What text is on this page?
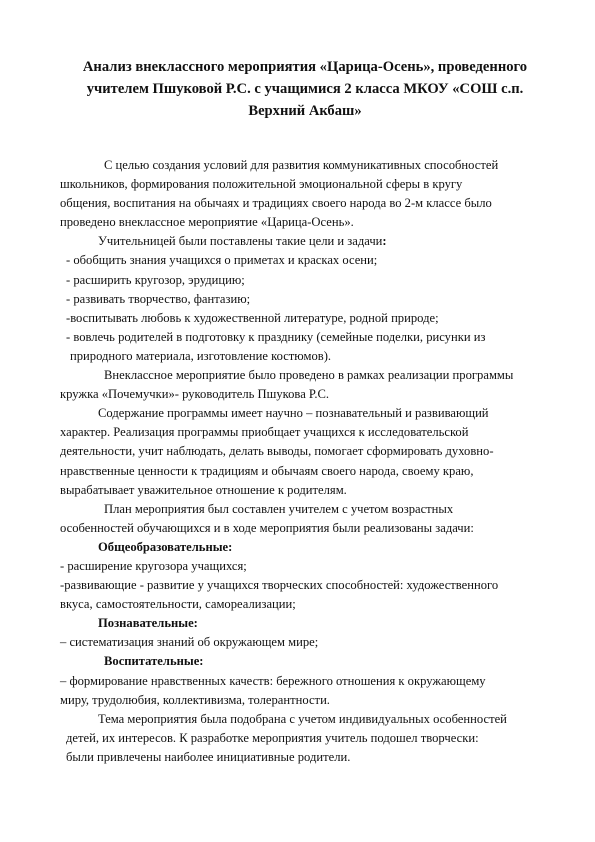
Анализ внеклассного мероприятия «Царица-Осень», проведенного
учителем Пшуковой Р.С. с учащимися 2 класса МКОУ «СОШ с.п.
Верхний Акбаш»

С целью создания условий для развития коммуникативных способностей

школьников, формирования положительной эмоциональной сферы в кругу

общения, воспитания на обычаях и традициях своего народа во 2-м классе было

проведено внеклассное мероприятие «Царица-Осень».

Учительницей были поставлены такие цели и задачи:

- обобщить знания учащихся о приметах и красках осени;

- расширить кругозор, эрудицию;

- развивать творчество, фантазию;

-воспитывать любовь к художественной литературе, родной природе;

- вовлечь родителей в подготовку к празднику (семейные поделки, рисунки из

природного материала, изготовление костюмов).

Внеклассное мероприятие было проведено в рамках реализации программы

кружка «Почемучки»- руководитель Пшукова Р.С.

Содержание программы имеет научно – познавательный и развивающий

характер. Реализация программы приобщает учащихся к исследовательской

деятельности, учит наблюдать, делать выводы, помогает сформировать духовно-

нравственные ценности к традициям и обычаям своего народа, своему краю,

вырабатывает уважительное отношение к родителям.

План мероприятия был составлен учителем с учетом возрастных

особенностей обучающихся и в ходе мероприятия были реализованы задачи:

Общеобразовательные:

- расширение кругозора учащихся;

-развивающие - развитие у учащихся творческих способностей: художественного

вкуса, самостоятельности, самореализации;

Познавательные:

– систематизация знаний об окружающем мире;

Воспитательные:

– формирование нравственных качеств: бережного отношения к окружающему

миру, трудолюбия, коллективизма, толерантности.

Тема мероприятия была подобрана с учетом индивидуальных особенностей

детей, их интересов. К разработке мероприятия учитель подошел творчески:

были привлечены наиболее инициативные родители.
